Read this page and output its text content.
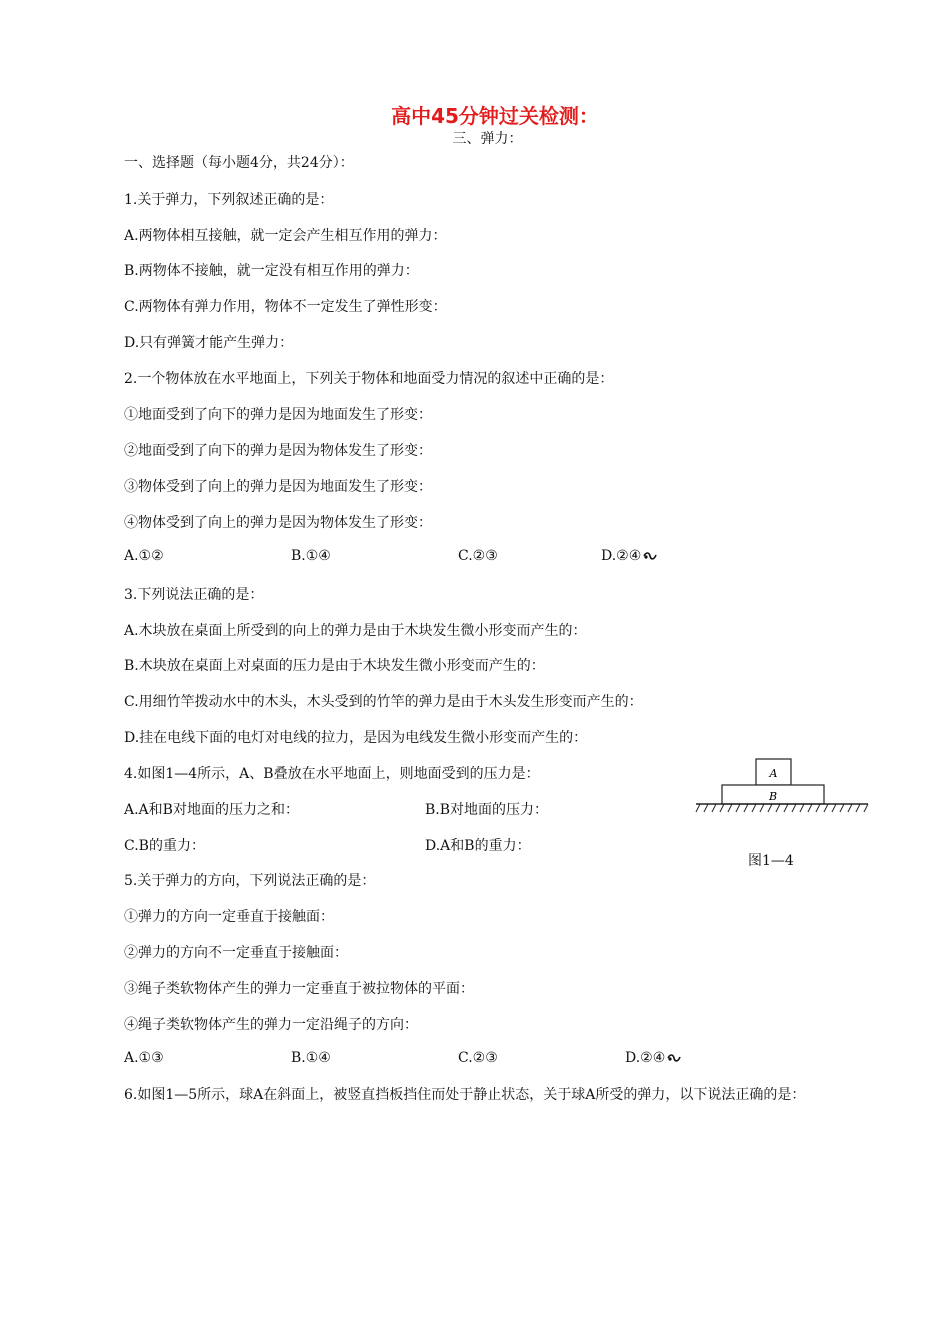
高中45分钟过关检测：
三、弹力：
一、选择题（每小题4分，共24分）：
1.关于弹力，下列叙述正确的是：
A.两物体相互接触，就一定会产生相互作用的弹力：
B.两物体不接触，就一定没有相互作用的弹力：
C.两物体有弹力作用，物体不一定发生了弹性形变：
D.只有弹簧才能产生弹力：
2.一个物体放在水平地面上，下列关于物体和地面受力情况的叙述中正确的是：
①地面受到了向下的弹力是因为地面发生了形变：
②地面受到了向下的弹力是因为物体发生了形变：
③物体受到了向上的弹力是因为地面发生了形变：
④物体受到了向上的弹力是因为物体发生了形变：
A.①②	B.①④	C.②③	D.②④
3.下列说法正确的是：
A.木块放在桌面上所受到的向上的弹力是由于木块发生微小形变而产生的：
B.木块放在桌面上对桌面的压力是由于木块发生微小形变而产生的：
C.用细竹竿拨动水中的木头，木头受到的竹竿的弹力是由于木头发生形变而产生的：
D.挂在电线下面的电灯对电线的拉力，是因为电线发生微小形变而产生的：
4.如图1—4所示，A、B叠放在水平地面上，则地面受到的压力是：
A.A和B对地面的压力之和：	B.B对地面的压力：
C.B的重力：	D.A和B的重力：
A
B
图1—4
5.关于弹力的方向，下列说法正确的是：
①弹力的方向一定垂直于接触面：
②弹力的方向不一定垂直于接触面：
③绳子类软物体产生的弹力一定垂直于被拉物体的平面：
④绳子类软物体产生的弹力一定沿绳子的方向：
A.①③	B.①④	C.②③	D.②④
6.如图1—5所示，球A在斜面上，被竖直挡板挡住而处于静止状态，关于球A所受的弹力，以下说法正确的是：
